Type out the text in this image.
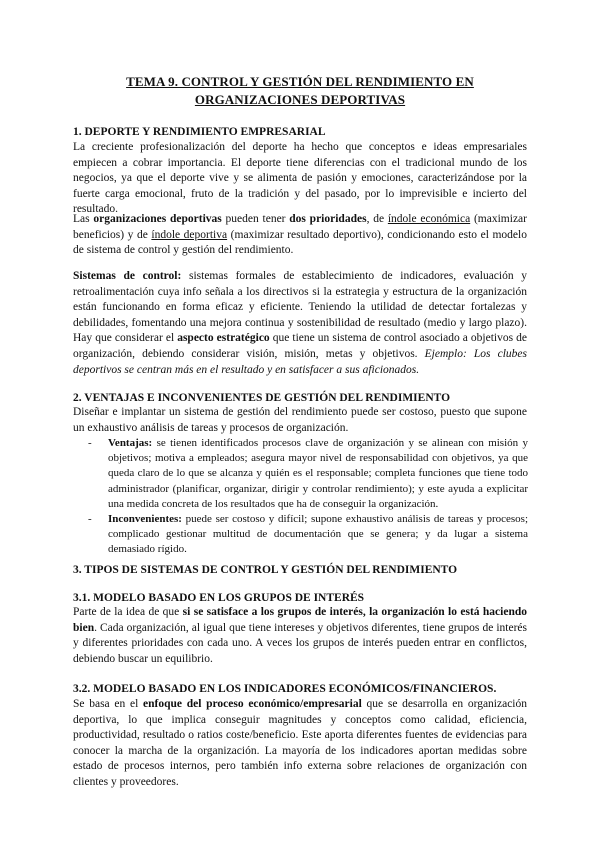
TEMA 9. CONTROL Y GESTIÓN DEL RENDIMIENTO EN
ORGANIZACIONES DEPORTIVAS
1. DEPORTE Y RENDIMIENTO EMPRESARIAL
La creciente profesionalización del deporte ha hecho que conceptos e ideas empresariales empiecen a cobrar importancia. El deporte tiene diferencias con el tradicional mundo de los negocios, ya que el deporte vive y se alimenta de pasión y emociones, caracterizándose por la fuerte carga emocional, fruto de la tradición y del pasado, por lo imprevisible e incierto del resultado.
Las organizaciones deportivas pueden tener dos prioridades, de índole económica (maximizar beneficios) y de índole deportiva (maximizar resultado deportivo), condicionando esto el modelo de sistema de control y gestión del rendimiento.
Sistemas de control: sistemas formales de establecimiento de indicadores, evaluación y retroalimentación cuya info señala a los directivos si la estrategia y estructura de la organización están funcionando en forma eficaz y eficiente. Teniendo la utilidad de detectar fortalezas y debilidades, fomentando una mejora continua y sostenibilidad de resultado (medio y largo plazo). Hay que considerar el aspecto estratégico que tiene un sistema de control asociado a objetivos de organización, debiendo considerar visión, misión, metas y objetivos. Ejemplo: Los clubes deportivos se centran más en el resultado y en satisfacer a sus aficionados.
2. VENTAJAS E INCONVENIENTES DE GESTIÓN DEL RENDIMIENTO
Diseñar e implantar un sistema de gestión del rendimiento puede ser costoso, puesto que supone un exhaustivo análisis de tareas y procesos de organización.
- Ventajas: se tienen identificados procesos clave de organización y se alinean con misión y objetivos; motiva a empleados; asegura mayor nivel de responsabilidad con objetivos, ya que queda claro de lo que se alcanza y quién es el responsable; completa funciones que tiene todo administrador (planificar, organizar, dirigir y controlar rendimiento); y este ayuda a explicitar una medida concreta de los resultados que ha de conseguir la organización.
- Inconvenientes: puede ser costoso y difícil; supone exhaustivo análisis de tareas y procesos; complicado gestionar multitud de documentación que se genera; y da lugar a sistema demasiado rígido.
3. TIPOS DE SISTEMAS DE CONTROL Y GESTIÓN DEL RENDIMIENTO
3.1. MODELO BASADO EN LOS GRUPOS DE INTERÉS
Parte de la idea de que si se satisface a los grupos de interés, la organización lo está haciendo bien. Cada organización, al igual que tiene intereses y objetivos diferentes, tiene grupos de interés y diferentes prioridades con cada uno. A veces los grupos de interés pueden entrar en conflictos, debiendo buscar un equilibrio.
3.2. MODELO BASADO EN LOS INDICADORES ECONÓMICOS/FINANCIEROS.
Se basa en el enfoque del proceso económico/empresarial que se desarrolla en organización deportiva, lo que implica conseguir magnitudes y conceptos como calidad, eficiencia, productividad, resultado o ratios coste/beneficio. Este aporta diferentes fuentes de evidencias para conocer la marcha de la organización. La mayoría de los indicadores aportan medidas sobre estado de procesos internos, pero también info externa sobre relaciones de organización con clientes y proveedores.
